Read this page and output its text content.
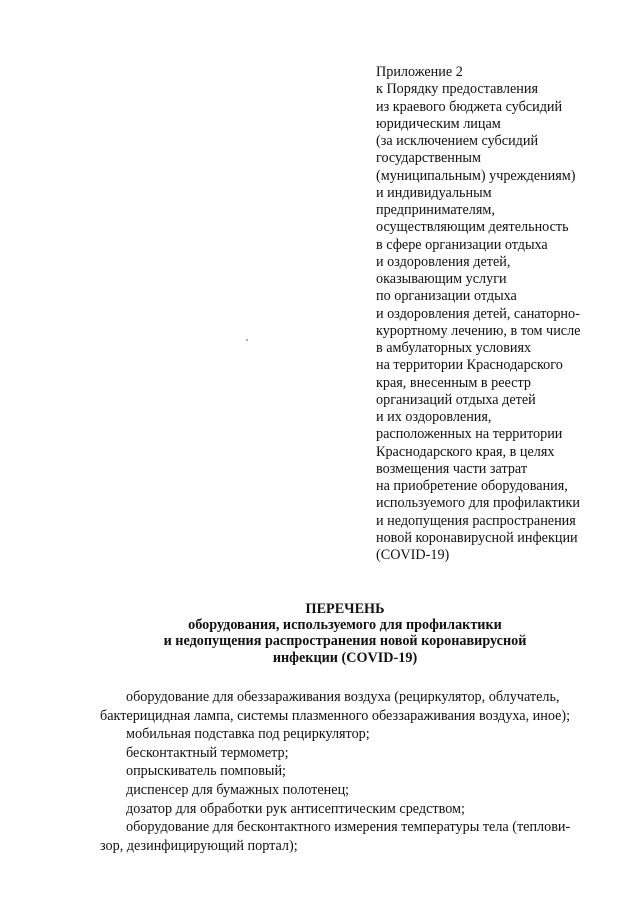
Приложение 2
к Порядку предоставления
из краевого бюджета субсидий
юридическим лицам
(за исключением субсидий
государственным
(муниципальным) учреждениям)
и индивидуальным
предпринимателям,
осуществляющим деятельность
в сфере организации отдыха
и оздоровления детей,
оказывающим услуги
по организации отдыха
и оздоровления детей, санаторно-
курортному лечению, в том числе
в амбулаторных условиях
на территории Краснодарского
края, внесенным в реестр
организаций отдыха детей
и их оздоровления,
расположенных на территории
Краснодарского края, в целях
возмещения части затрат
на приобретение оборудования,
используемого для профилактики
и недопущения распространения
новой коронавирусной инфекции
(COVID-19)
ПЕРЕЧЕНЬ
оборудования, используемого для профилактики
и недопущения распространения новой коронавирусной
инфекции (COVID-19)
оборудование для обеззараживания воздуха (рециркулятор, облучатель,
бактерицидная лампа, системы плазменного обеззараживания воздуха, иное);
мобильная подставка под рециркулятор;
бесконтактный термометр;
опрыскиватель помповый;
диспенсер для бумажных полотенец;
дозатор для обработки рук антисептическим средством;
оборудование для бесконтактного измерения температуры тела (теплови-
зор, дезинфицирующий портал);
